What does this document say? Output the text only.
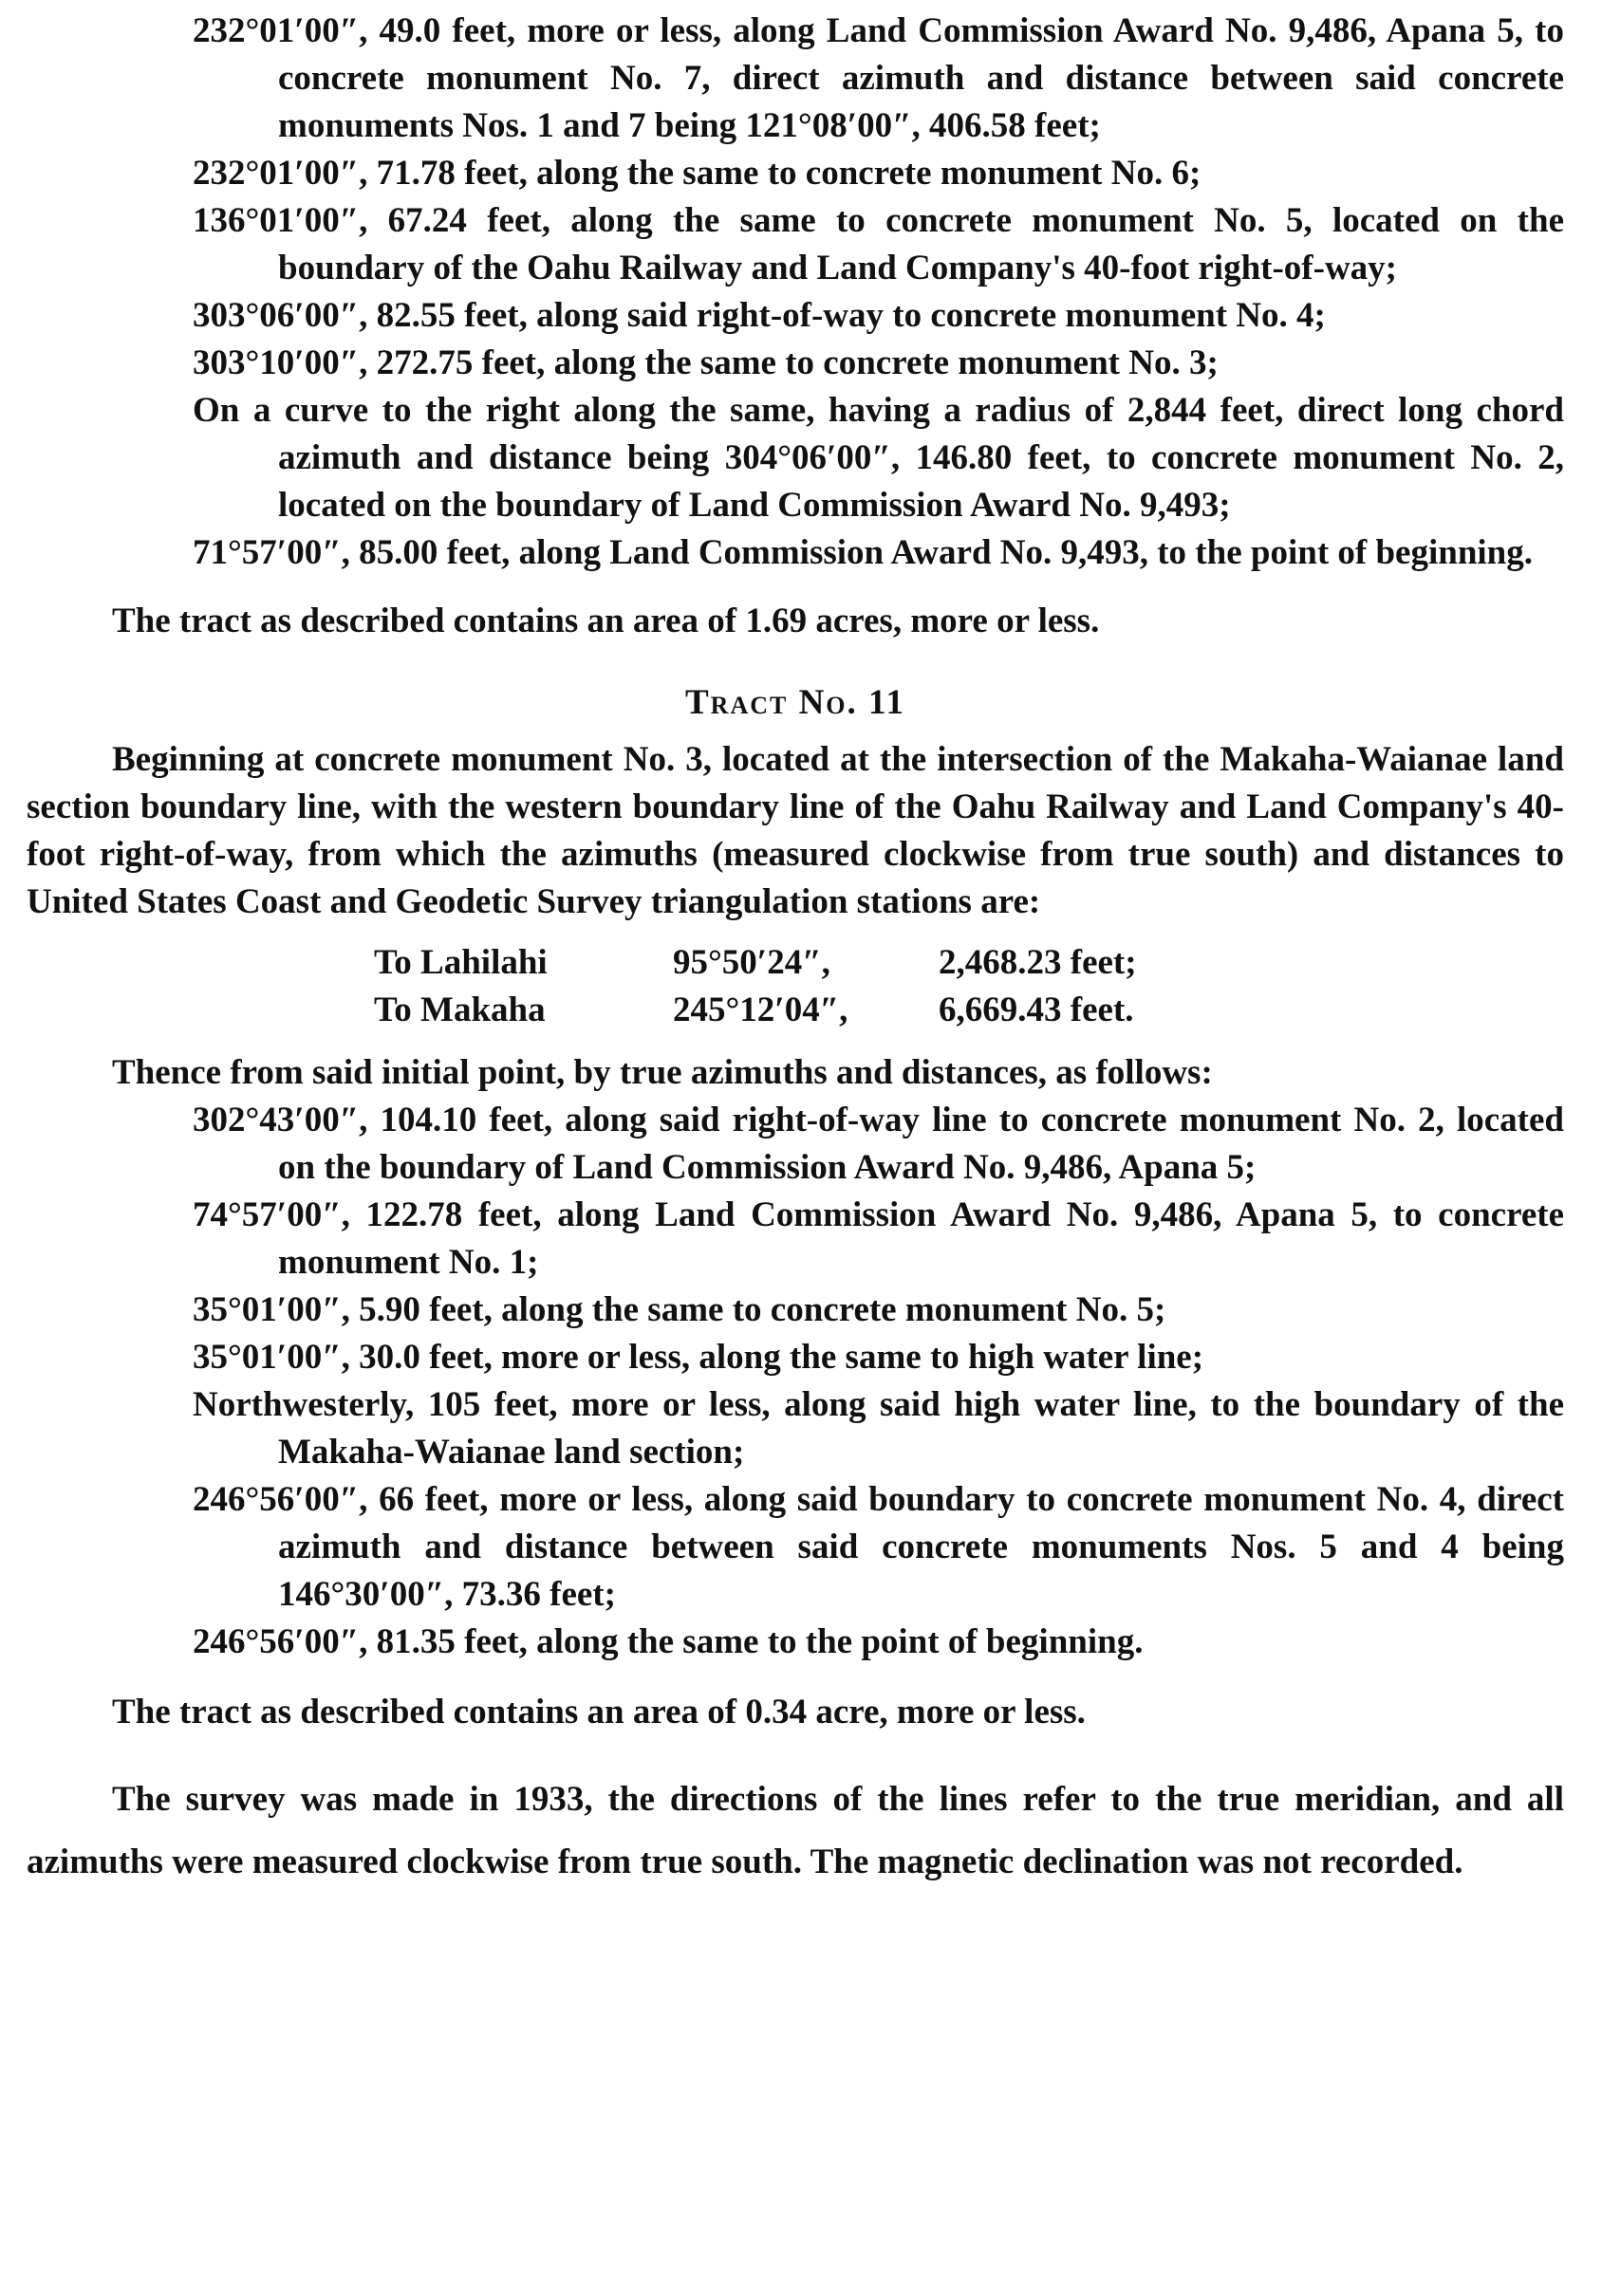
232°01′00″, 49.0 feet, more or less, along Land Commission Award No. 9,486, Apana 5, to concrete monument No. 7, direct azimuth and distance between said concrete monuments Nos. 1 and 7 being 121°08′00″, 406.58 feet;
232°01′00″, 71.78 feet, along the same to concrete monument No. 6;
136°01′00″, 67.24 feet, along the same to concrete monument No. 5, located on the boundary of the Oahu Railway and Land Company's 40-foot right-of-way;
303°06′00″, 82.55 feet, along said right-of-way to concrete monument No. 4;
303°10′00″, 272.75 feet, along the same to concrete monument No. 3;
On a curve to the right along the same, having a radius of 2,844 feet, direct long chord azimuth and distance being 304°06′00″, 146.80 feet, to concrete monument No. 2, located on the boundary of Land Commission Award No. 9,493;
71°57′00″, 85.00 feet, along Land Commission Award No. 9,493, to the point of beginning.

The tract as described contains an area of 1.69 acres, more or less.

Tract No. 11

Beginning at concrete monument No. 3, located at the intersection of the Makaha-Waianae land section boundary line, with the western boundary line of the Oahu Railway and Land Company's 40-foot right-of-way, from which the azimuths (measured clockwise from true south) and distances to United States Coast and Geodetic Survey triangulation stations are:

To Lahilahi	95°50′24″,	2,468.23 feet;
To Makaha	245°12′04″,	6,669.43 feet.

Thence from said initial point, by true azimuths and distances, as follows:

302°43′00″, 104.10 feet, along said right-of-way line to concrete monument No. 2, located on the boundary of Land Commission Award No. 9,486, Apana 5;
74°57′00″, 122.78 feet, along Land Commission Award No. 9,486, Apana 5, to concrete monument No. 1;
35°01′00″, 5.90 feet, along the same to concrete monument No. 5;
35°01′00″, 30.0 feet, more or less, along the same to high water line;
Northwesterly, 105 feet, more or less, along said high water line, to the boundary of the Makaha-Waianae land section;
246°56′00″, 66 feet, more or less, along said boundary to concrete monument No. 4, direct azimuth and distance between said concrete monuments Nos. 5 and 4 being 146°30′00″, 73.36 feet;
246°56′00″, 81.35 feet, along the same to the point of beginning.

The tract as described contains an area of 0.34 acre, more or less.

The survey was made in 1933, the directions of the lines refer to the true meridian, and all azimuths were measured clockwise from true south. The magnetic declination was not recorded.
